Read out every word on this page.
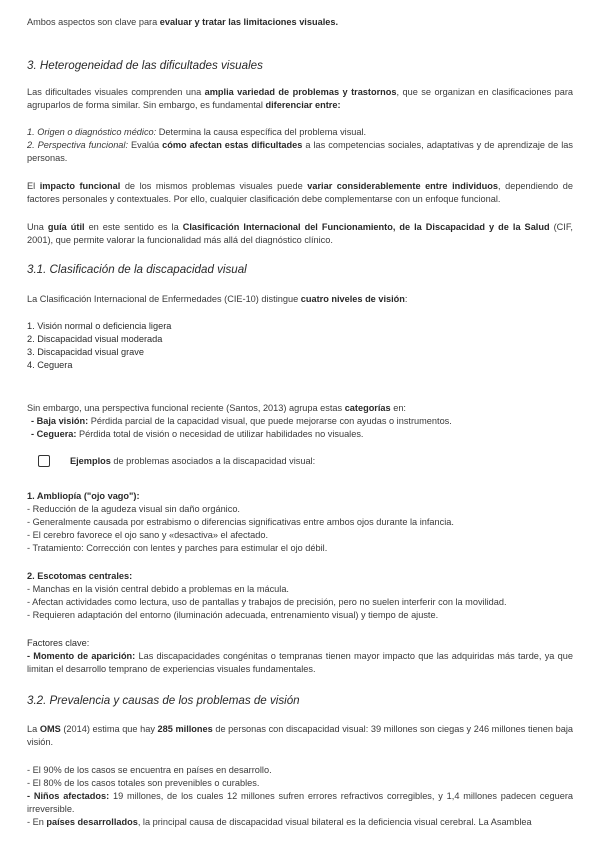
Ambos aspectos son clave para evaluar y tratar las limitaciones visuales.

3. Heterogeneidad de las dificultades visuales

Las dificultades visuales comprenden una amplia variedad de problemas y trastornos, que se organizan en clasificaciones para agruparlos de forma similar. Sin embargo, es fundamental diferenciar entre:

1. Origen o diagnóstico médico: Determina la causa específica del problema visual.

2. Perspectiva funcional: Evalúa cómo afectan estas dificultades a las competencias sociales, adaptativas y de aprendizaje de las personas.

El impacto funcional de los mismos problemas visuales puede variar considerablemente entre individuos, dependiendo de factores personales y contextuales. Por ello, cualquier clasificación debe complementarse con un enfoque funcional.

Una guía útil en este sentido es la Clasificación Internacional del Funcionamiento, de la Discapacidad y de la Salud (CIF, 2001), que permite valorar la funcionalidad más allá del diagnóstico clínico.

3.1. Clasificación de la discapacidad visual

La Clasificación Internacional de Enfermedades (CIE-10) distingue cuatro niveles de visión:

1. Visión normal o deficiencia ligera
2. Discapacidad visual moderada
3. Discapacidad visual grave
4. Ceguera

Sin embargo, una perspectiva funcional reciente (Santos, 2013) agrupa estas categorías en:

- Baja visión: Pérdida parcial de la capacidad visual, que puede mejorarse con ayudas o instrumentos.
- Ceguera: Pérdida total de visión o necesidad de utilizar habilidades no visuales.
Ejemplos de problemas asociados a la discapacidad visual:
1. Ambliopía ("ojo vago"):
- Reducción de la agudeza visual sin daño orgánico.
- Generalmente causada por estrabismo o diferencias significativas entre ambos ojos durante la infancia.
- El cerebro favorece el ojo sano y «desactiva» el afectado.
- Tratamiento: Corrección con lentes y parches para estimular el ojo débil.
2. Escotomas centrales:
- Manchas en la visión central debido a problemas en la mácula.
- Afectan actividades como lectura, uso de pantallas y trabajos de precisión, pero no suelen interferir con la movilidad.
- Requieren adaptación del entorno (iluminación adecuada, entrenamiento visual) y tiempo de ajuste.
Factores clave:
- Momento de aparición: Las discapacidades congénitas o tempranas tienen mayor impacto que las adquiridas más tarde, ya que limitan el desarrollo temprano de experiencias visuales fundamentales.
3.2. Prevalencia y causas de los problemas de visión

La OMS (2014) estima que hay 285 millones de personas con discapacidad visual: 39 millones son ciegas y 246 millones tienen baja visión.

- El 90% de los casos se encuentra en países en desarrollo.
- El 80% de los casos totales son prevenibles o curables.
- Niños afectados: 19 millones, de los cuales 12 millones sufren errores refractivos corregibles, y 1,4 millones padecen ceguera irreversible.
- En países desarrollados, la principal causa de discapacidad visual bilateral es la deficiencia visual cerebral. La Asamblea
